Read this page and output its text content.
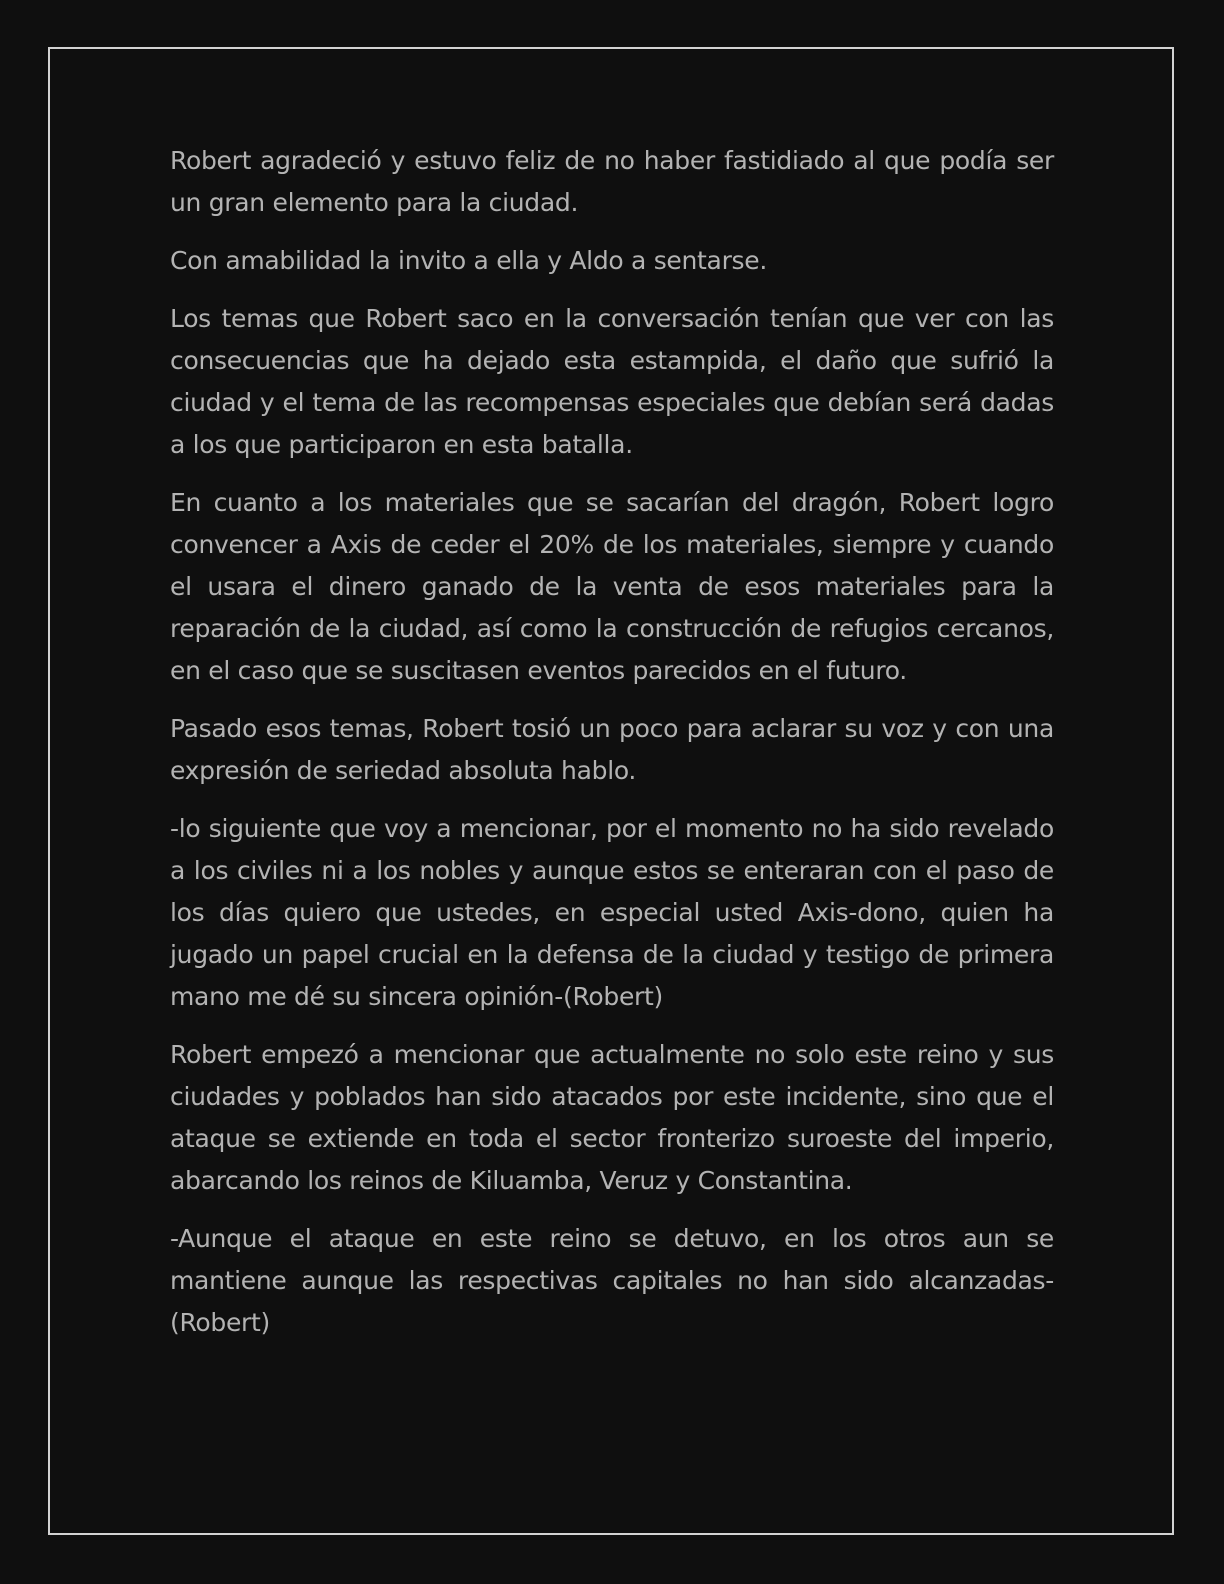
Robert agradeció y estuvo feliz de no haber fastidiado al que podía ser un gran elemento para la ciudad.

Con amabilidad la invito a ella y Aldo a sentarse.

Los temas que Robert saco en la conversación tenían que ver con las consecuencias que ha dejado esta estampida, el daño que sufrió la ciudad y el tema de las recompensas especiales que debían será dadas a los que participaron en esta batalla.

En cuanto a los materiales que se sacarían del dragón, Robert logro convencer a Axis de ceder el 20% de los materiales, siempre y cuando el usara el dinero ganado de la venta de esos materiales para la reparación de la ciudad, así como la construcción de refugios cercanos, en el caso que se suscitasen eventos parecidos en el futuro.

Pasado esos temas, Robert tosió un poco para aclarar su voz y con una expresión de seriedad absoluta hablo.

-lo siguiente que voy a mencionar, por el momento no ha sido revelado a los civiles ni a los nobles y aunque estos se enteraran con el paso de los días quiero que ustedes, en especial usted Axis-dono, quien ha jugado un papel crucial en la defensa de la ciudad y testigo de primera mano me dé su sincera opinión-(Robert)

Robert empezó a mencionar que actualmente no solo este reino y sus ciudades y poblados han sido atacados por este incidente, sino que el ataque se extiende en toda el sector fronterizo suroeste del imperio, abarcando los reinos de Kiluamba, Veruz y Constantina.

-Aunque el ataque en este reino se detuvo, en los otros aun se mantiene aunque las respectivas capitales no han sido alcanzadas-(Robert)
